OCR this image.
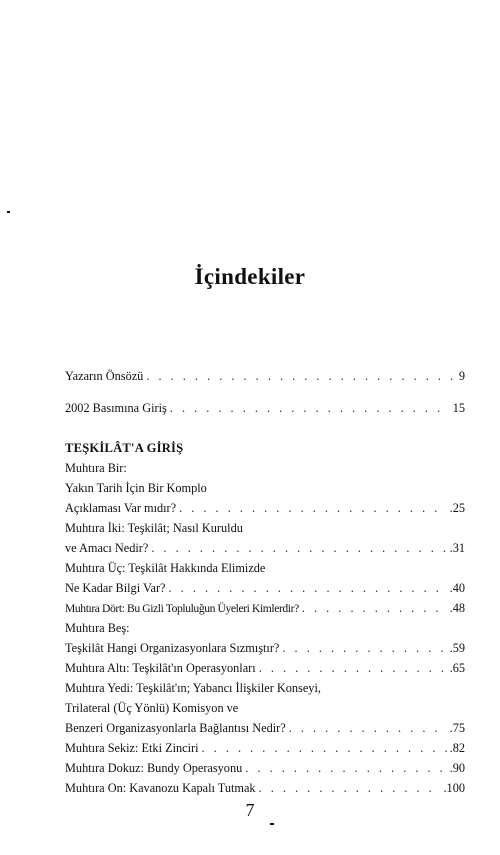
İçindekiler
Yazarın Önsözü . . .	9
2002 Basımına Giriş . . .	15
TEŞKİLÂT'A GİRİŞ
Muhtıra Bir:
Yakın Tarih İçin Bir Komplo
Açıklaması Var mıdır? . . .	.25
Muhtıra İki: Teşkilât; Nasıl Kuruldu
ve Amacı Nedir? . . .	.31
Muhtıra Üç: Teşkilât Hakkında Elimizde
Ne Kadar Bilgi Var? . . .	.40
Muhtıra Dört: Bu Gizli Topluluğun Üyeleri Kimlerdir? . . .	.48
Muhtıra Beş:
Teşkilât Hangi Organizasyonlara Sızmıştır? . . .	.59
Muhtıra Altı: Teşkilât'ın Operasyonları . . .	.65
Muhtıra Yedi: Teşkilât'ın; Yabancı İlişkiler Konseyi,
Trilateral (Üç Yönlü) Komisyon ve
Benzeri Organizasyonlarla Bağlantısı Nedir? . . .	.75
Muhtıra Sekiz: Etki Zinciri . . .	.82
Muhtıra Dokuz: Bundy Operasyonu . . .	.90
Muhtıra On: Kavanozu Kapalı Tutmak . . .	.100
7
